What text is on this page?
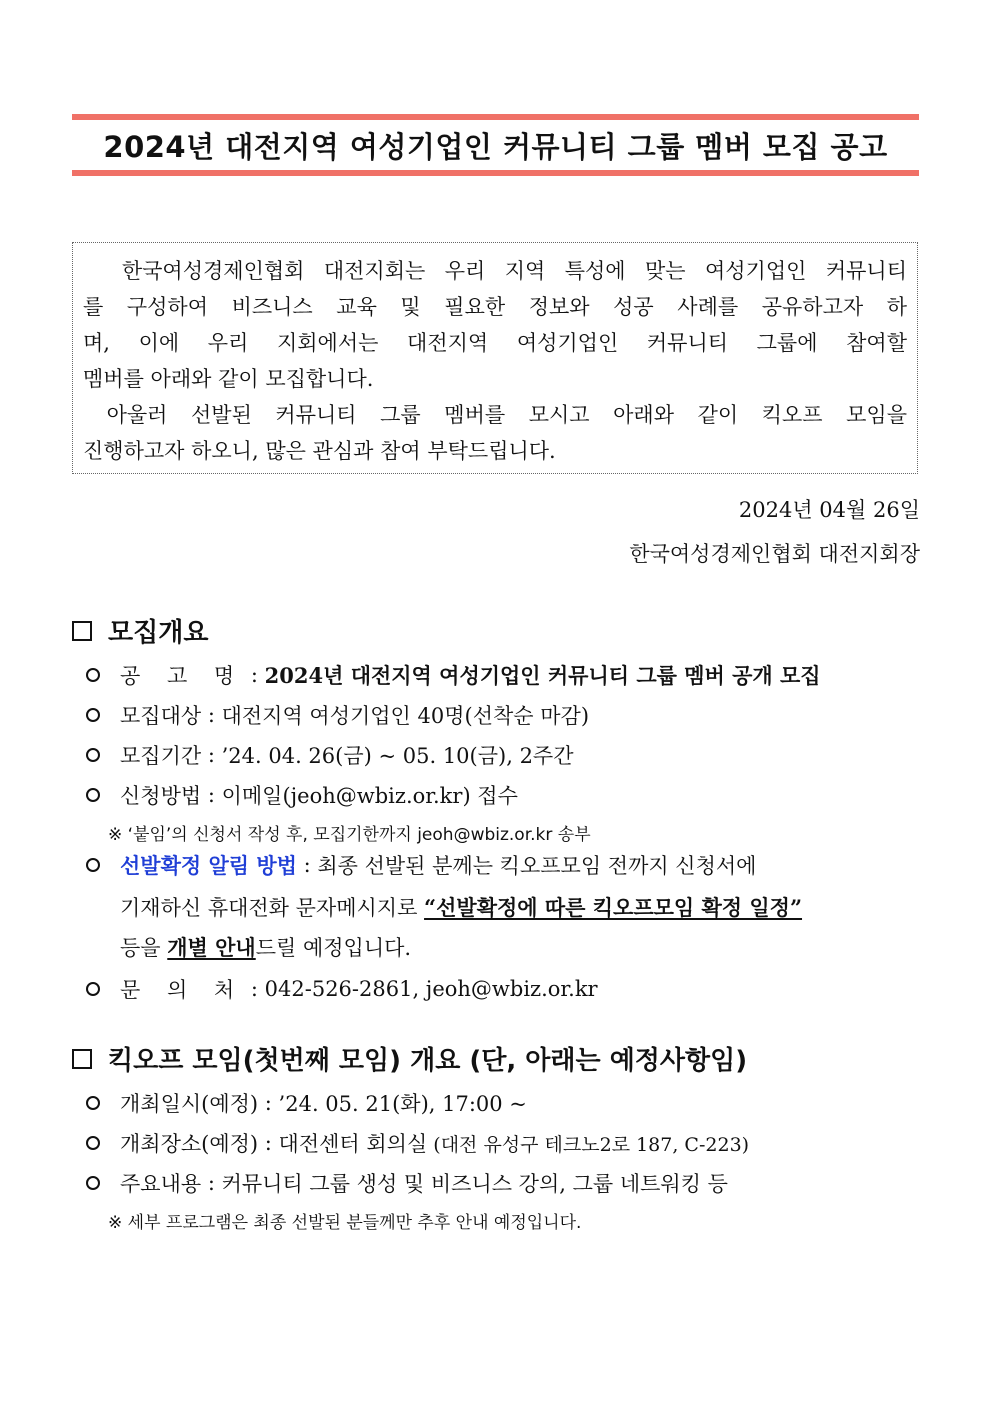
2024년 대전지역 여성기업인 커뮤니티 그룹 멤버 모집 공고

한국여성경제인협회 대전지회는 우리 지역 특성에 맞는 여성기업인 커뮤니티

를 구성하여 비즈니스 교육 및 필요한 정보와 성공 사례를 공유하고자 하

며, 이에 우리 지회에서는 대전지역 여성기업인 커뮤니티 그룹에 참여할

멤버를 아래와 같이 모집합니다.

아울러 선발된 커뮤니티 그룹 멤버를 모시고 아래와 같이 킥오프 모임을

진행하고자 하오니, 많은 관심과 참여 부탁드립니다.

2024년 04월 26일
한국여성경제인협회 대전지회장
모집개요
공 고 명 : 2024년 대전지역 여성기업인 커뮤니티 그룹 멤버 공개 모집
모집대상 : 대전지역 여성기업인 40명(선착순 마감)
모집기간 : ’24. 04. 26(금) ~ 05. 10(금), 2주간
신청방법 : 이메일(jeoh@wbiz.or.kr) 접수
※ ‘붙임’의 신청서 작성 후, 모집기한까지 jeoh@wbiz.or.kr 송부
선발확정 알림 방법 : 최종 선발된 분께는 킥오프모임 전까지 신청서에
기재하신 휴대전화 문자메시지로 “선발확정에 따른 킥오프모임 확정 일정”
등을 개별 안내드릴 예정입니다.
문 의 처 : 042-526-2861, jeoh@wbiz.or.kr
킥오프 모임(첫번째 모임) 개요 (단, 아래는 예정사항임)
개최일시(예정) : ’24. 05. 21(화), 17:00 ~
개최장소(예정) : 대전센터 회의실
(대전 유성구 테크노2로 187, C-223)
주요내용 : 커뮤니티 그룹 생성 및 비즈니스 강의, 그룹 네트워킹 등
※ 세부 프로그램은 최종 선발된 분들께만 추후 안내 예정입니다.
